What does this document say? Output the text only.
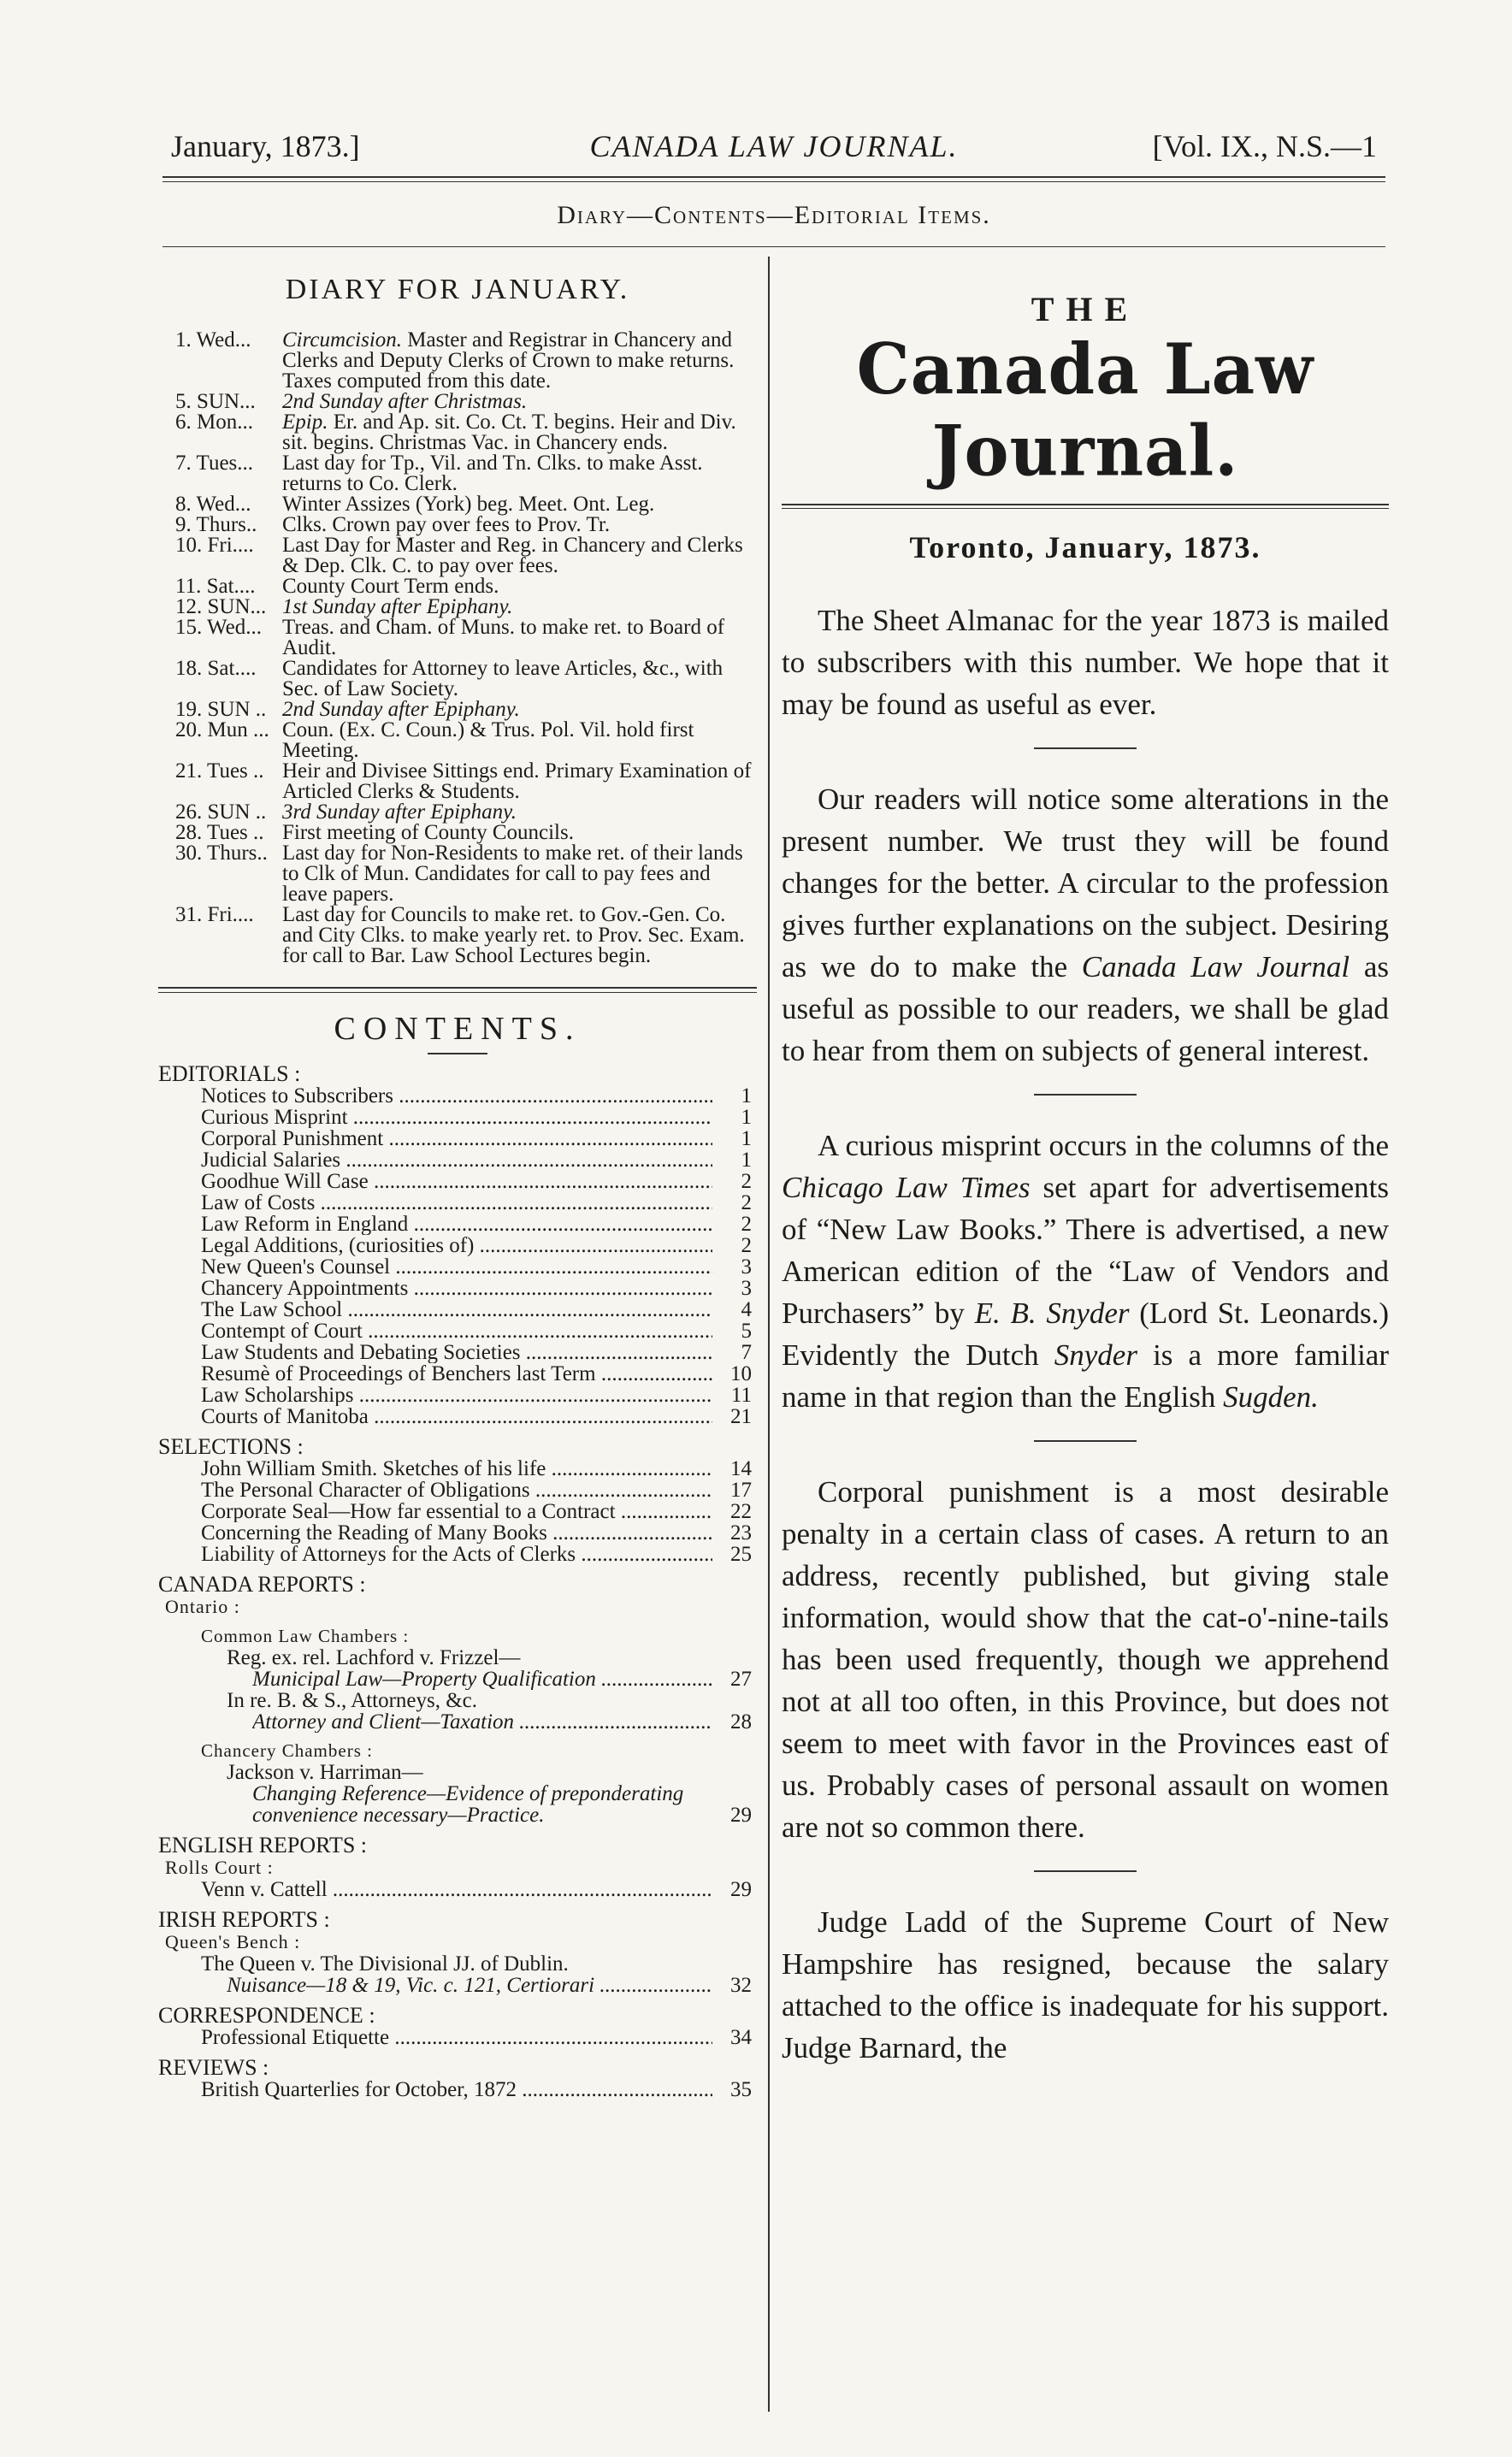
January, 1873.]	CANADA LAW JOURNAL.	[Vol. IX., N.S.—1
Diary—Contents—Editorial Items.
DIARY FOR JANUARY.
1. Wed...	Circumcision. Master and Registrar in Chancery and Clerks and Deputy Clerks of Crown to make returns. Taxes computed from this date.
5. SUN...	2nd Sunday after Christmas.
6. Mon...	Epip. Er. and Ap. sit. Co. Ct. T. begins. Heir and Div. sit. begins. Christmas Vac. in Chancery ends.
7. Tues...	Last day for Tp., Vil. and Tn. Clks. to make Asst. returns to Co. Clerk.
8. Wed...	Winter Assizes (York) beg. Meet. Ont. Leg.
9. Thurs..	Clks. Crown pay over fees to Prov. Tr.
10. Fri....	Last Day for Master and Reg. in Chancery and Clerks & Dep. Clk. C. to pay over fees.
11. Sat....	County Court Term ends.
12. SUN... 1st Sunday after Epiphany.
15. Wed... Treas. and Cham. of Muns. to make ret. to Board of Audit.
18. Sat....	Candidates for Attorney to leave Articles, &c., with Sec. of Law Society.
19. SUN .. 2nd Sunday after Epiphany.
20. Mun ... Coun. (Ex. C. Coun.) & Trus. Pol. Vil. hold first Meeting.
21. Tues .. Heir and Divisee Sittings end. Primary Examination of Articled Clerks & Students.
26. SUN .. 3rd Sunday after Epiphany.
28. Tues .. First meeting of County Councils.
30. Thurs.. Last day for Non-Residents to make ret. of their lands to Clk of Mun. Candidates for call to pay fees and leave papers.
31. Fri....	Last day for Councils to make ret. to Gov.-Gen. Co. and City Clks. to make yearly ret. to Prov. Sec. Exam. for call to Bar. Law School Lectures begin.
CONTENTS.
EDITORIALS :
Notices to Subscribers .....	1
Curious Misprint .....	1
Corporal Punishment .....	1
Judicial Salaries .....	1
Goodhue Will Case .....	2
Law of Costs .....	2
Law Reform in England .....	2
Legal Additions, (curiosities of) .....	2
New Queen's Counsel .....	3
Chancery Appointments .....	3
The Law School .....	4
Contempt of Court .....	5
Law Students and Debating Societies .....	7
Resumè of Proceedings of Benchers last Term .....	10
Law Scholarships .....	11
Courts of Manitoba .....	21
SELECTIONS :
John William Smith. Sketches of his life .....	14
The Personal Character of Obligations .....	17
Corporate Seal—How far essential to a Contract .....	22
Concerning the Reading of Many Books .....	23
Liability of Attorneys for the Acts of Clerks .....	25
CANADA REPORTS :
Ontario :
Common Law Chambers :
Reg. ex. rel. Lachford v. Frizzel—
Municipal Law—Property Qualification .....	27
In re. B. & S., Attorneys, &c.
Attorney and Client—Taxation .....	28
Chancery Chambers :
Jackson v. Harriman—
Changing Reference—Evidence of preponderating convenience necessary—Practice.	29
ENGLISH REPORTS :
Rolls Court :
Venn v. Cattell .....	29
IRISH REPORTS :
Queen's Bench :
The Queen v. The Divisional JJ. of Dublin.
Nuisance—18 & 19, Vic. c. 121, Certiorari .....	32
CORRESPONDENCE :
Professional Etiquette .....	34
REVIEWS :
British Quarterlies for October, 1872 .....	35
THE
Canada Law Journal.
Toronto, January, 1873.

The Sheet Almanac for the year 1873 is mailed to subscribers with this number. We hope that it may be found as useful as ever.

Our readers will notice some alterations in the present number. We trust they will be found changes for the better. A circular to the profession gives further explanations on the subject. Desiring as we do to make the Canada Law Journal as useful as possible to our readers, we shall be glad to hear from them on subjects of general interest.

A curious misprint occurs in the columns of the Chicago Law Times set apart for advertisements of “New Law Books.” There is advertised, a new American edition of the “Law of Vendors and Purchasers” by E. B. Snyder (Lord St. Leonards.) Evidently the Dutch Snyder is a more familiar name in that region than the English Sugden.

Corporal punishment is a most desirable penalty in a certain class of cases. A return to an address, recently published, but giving stale information, would show that the cat-o'-nine-tails has been used frequently, though we apprehend not at all too often, in this Province, but does not seem to meet with favor in the Provinces east of us. Probably cases of personal assault on women are not so common there.

Judge Ladd of the Supreme Court of New Hampshire has resigned, because the salary attached to the office is inadequate for his support. Judge Barnard, the
